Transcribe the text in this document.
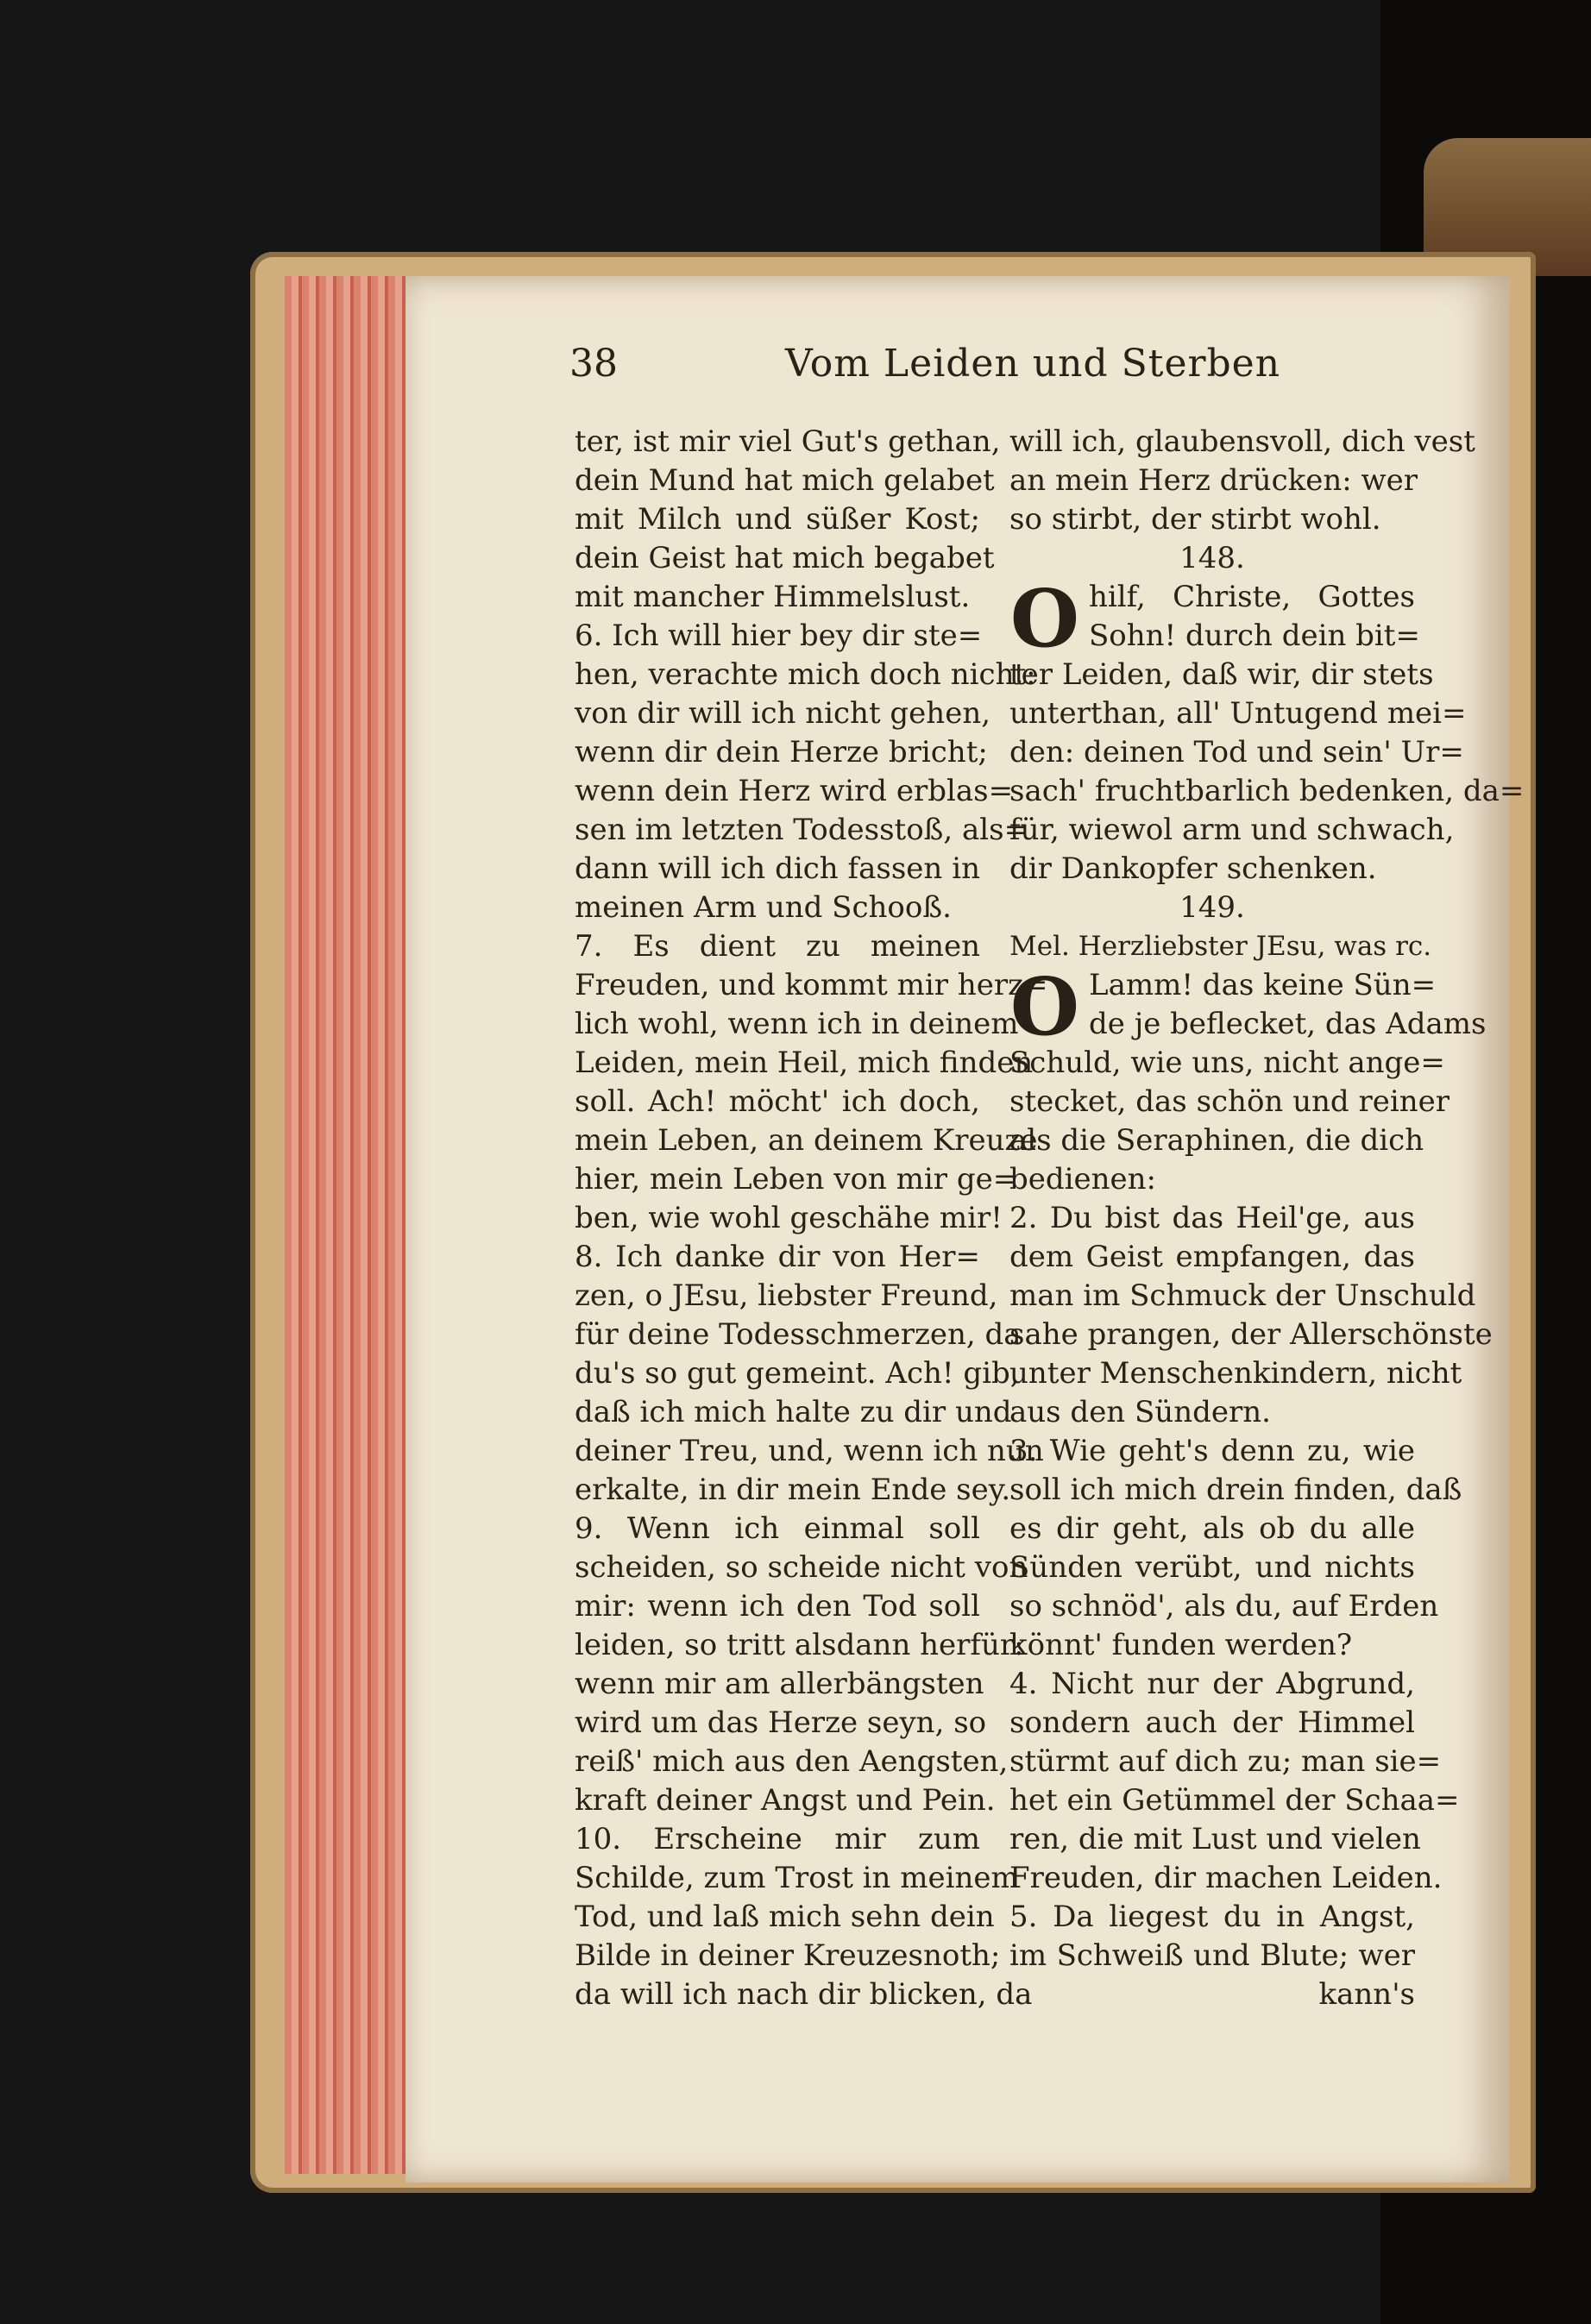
38	Vom Leiden und Sterben
ter, ist mir viel Gut's gethan,
dein Mund hat mich gelabet
mit Milch und süßer Kost;
dein Geist hat mich begabet
mit mancher Himmelslust.
6. Ich will hier bey dir ste=
hen, verachte mich doch nicht:
von dir will ich nicht gehen,
wenn dir dein Herze bricht;
wenn dein Herz wird erblas=
sen im letzten Todesstoß, als=
dann will ich dich fassen in
meinen Arm und Schooß.
7. Es dient zu meinen
Freuden, und kommt mir herz=
lich wohl, wenn ich in deinem
Leiden, mein Heil, mich finden
soll. Ach! möcht' ich doch,
mein Leben, an deinem Kreuze
hier, mein Leben von mir ge=
ben, wie wohl geschähe mir!
8. Ich danke dir von Her=
zen, o JEsu, liebster Freund,
für deine Todesschmerzen, da
du's so gut gemeint. Ach! gib,
daß ich mich halte zu dir und
deiner Treu, und, wenn ich nun
erkalte, in dir mein Ende sey.
9. Wenn ich einmal soll
scheiden, so scheide nicht von
mir: wenn ich den Tod soll
leiden, so tritt alsdann herfür:
wenn mir am allerbängsten
wird um das Herze seyn, so
reiß' mich aus den Aengsten,
kraft deiner Angst und Pein.
10. Erscheine mir zum
Schilde, zum Trost in meinem
Tod, und laß mich sehn dein
Bilde in deiner Kreuzesnoth;
da will ich nach dir blicken, da
will ich, glaubensvoll, dich vest
an mein Herz drücken: wer
so stirbt, der stirbt wohl.
148.
O hilf, Christe, Gottes
Sohn! durch dein bit=
ter Leiden, daß wir, dir stets
unterthan, all' Untugend mei=
den: deinen Tod und sein' Ur=
sach' fruchtbarlich bedenken, da=
für, wiewol arm und schwach,
dir Dankopfer schenken.
149.
Mel. Herzliebster JEsu, was rc.
O Lamm! das keine Sün=
de je beflecket, das Adams
Schuld, wie uns, nicht ange=
stecket, das schön und reiner
als die Seraphinen, die dich
bedienen:
2. Du bist das Heil'ge, aus
dem Geist empfangen, das
man im Schmuck der Unschuld
sahe prangen, der Allerschönste
unter Menschenkindern, nicht
aus den Sündern.
3. Wie geht's denn zu, wie
soll ich mich drein finden, daß
es dir geht, als ob du alle
Sünden verübt, und nichts
so schnöd', als du, auf Erden
könnt' funden werden?
4. Nicht nur der Abgrund,
sondern auch der Himmel
stürmt auf dich zu; man sie=
het ein Getümmel der Schaa=
ren, die mit Lust und vielen
Freuden, dir machen Leiden.
5. Da liegest du in Angst,
im Schweiß und Blute; wer
kann's
